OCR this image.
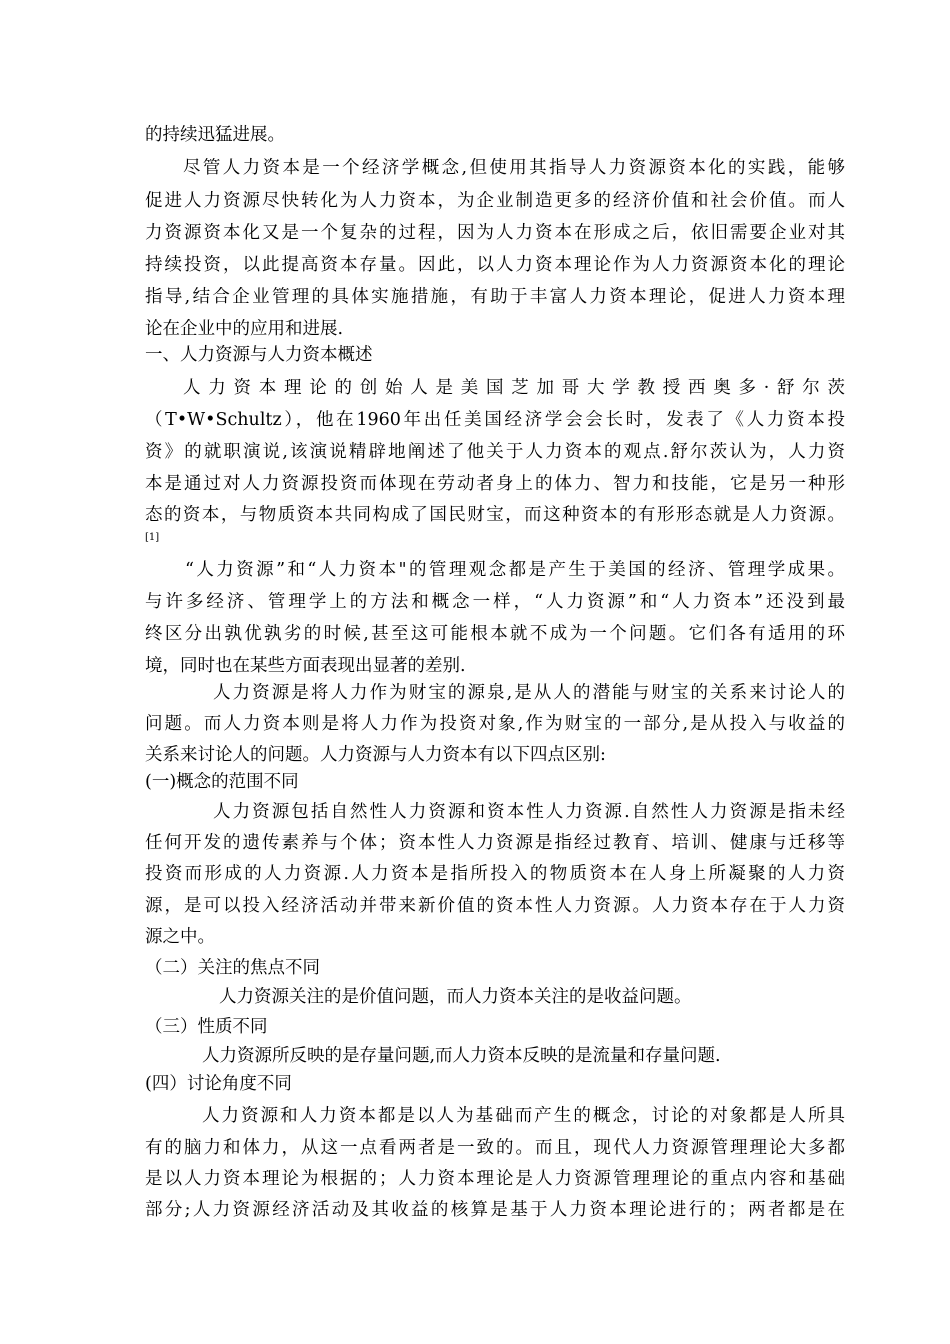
的持续迅猛进展。
尽管人力资本是一个经济学概念,但使用其指导人力资源资本化的实践，能够
促进人力资源尽快转化为人力资本，为企业制造更多的经济价值和社会价值。而人
力资源资本化又是一个复杂的过程，因为人力资本在形成之后，依旧需要企业对其
持续投资，以此提高资本存量。因此，以人力资本理论作为人力资源资本化的理论
指导,结合企业管理的具体实施措施，有助于丰富人力资本理论，促进人力资本理
论在企业中的应用和进展.
一、人力资源与人力资本概述
人力资本理论的创始人是美国芝加哥大学教授西奥多·舒尔茨
（T•W•Schultz），他在1960年出任美国经济学会会长时，发表了《人力资本投
资》的就职演说,该演说精辟地阐述了他关于人力资本的观点.舒尔茨认为，人力资
本是通过对人力资源投资而体现在劳动者身上的体力、智力和技能，它是另一种形
态的资本，与物质资本共同构成了国民财宝，而这种资本的有形形态就是人力资源。
[1]
“人力资源”和“人力资本"的管理观念都是产生于美国的经济、管理学成果。
与许多经济、管理学上的方法和概念一样，“人力资源”和“人力资本”还没到最
终区分出孰优孰劣的时候,甚至这可能根本就不成为一个问题。它们各有适用的环
境，同时也在某些方面表现出显著的差别.
人力资源是将人力作为财宝的源泉,是从人的潜能与财宝的关系来讨论人的
问题。而人力资本则是将人力作为投资对象,作为财宝的一部分,是从投入与收益的
关系来讨论人的问题。人力资源与人力资本有以下四点区别:
(一)概念的范围不同
人力资源包括自然性人力资源和资本性人力资源.自然性人力资源是指未经
任何开发的遗传素养与个体；资本性人力资源是指经过教育、培训、健康与迁移等
投资而形成的人力资源.人力资本是指所投入的物质资本在人身上所凝聚的人力资
源，是可以投入经济活动并带来新价值的资本性人力资源。人力资本存在于人力资
源之中。
（二）关注的焦点不同
人力资源关注的是价值问题，而人力资本关注的是收益问题。
（三）性质不同
人力资源所反映的是存量问题,而人力资本反映的是流量和存量问题.
(四）讨论角度不同
人力资源和人力资本都是以人为基础而产生的概念，讨论的对象都是人所具
有的脑力和体力，从这一点看两者是一致的。而且，现代人力资源管理理论大多都
是以人力资本理论为根据的；人力资本理论是人力资源管理理论的重点内容和基础
部分;人力资源经济活动及其收益的核算是基于人力资本理论进行的；两者都是在
